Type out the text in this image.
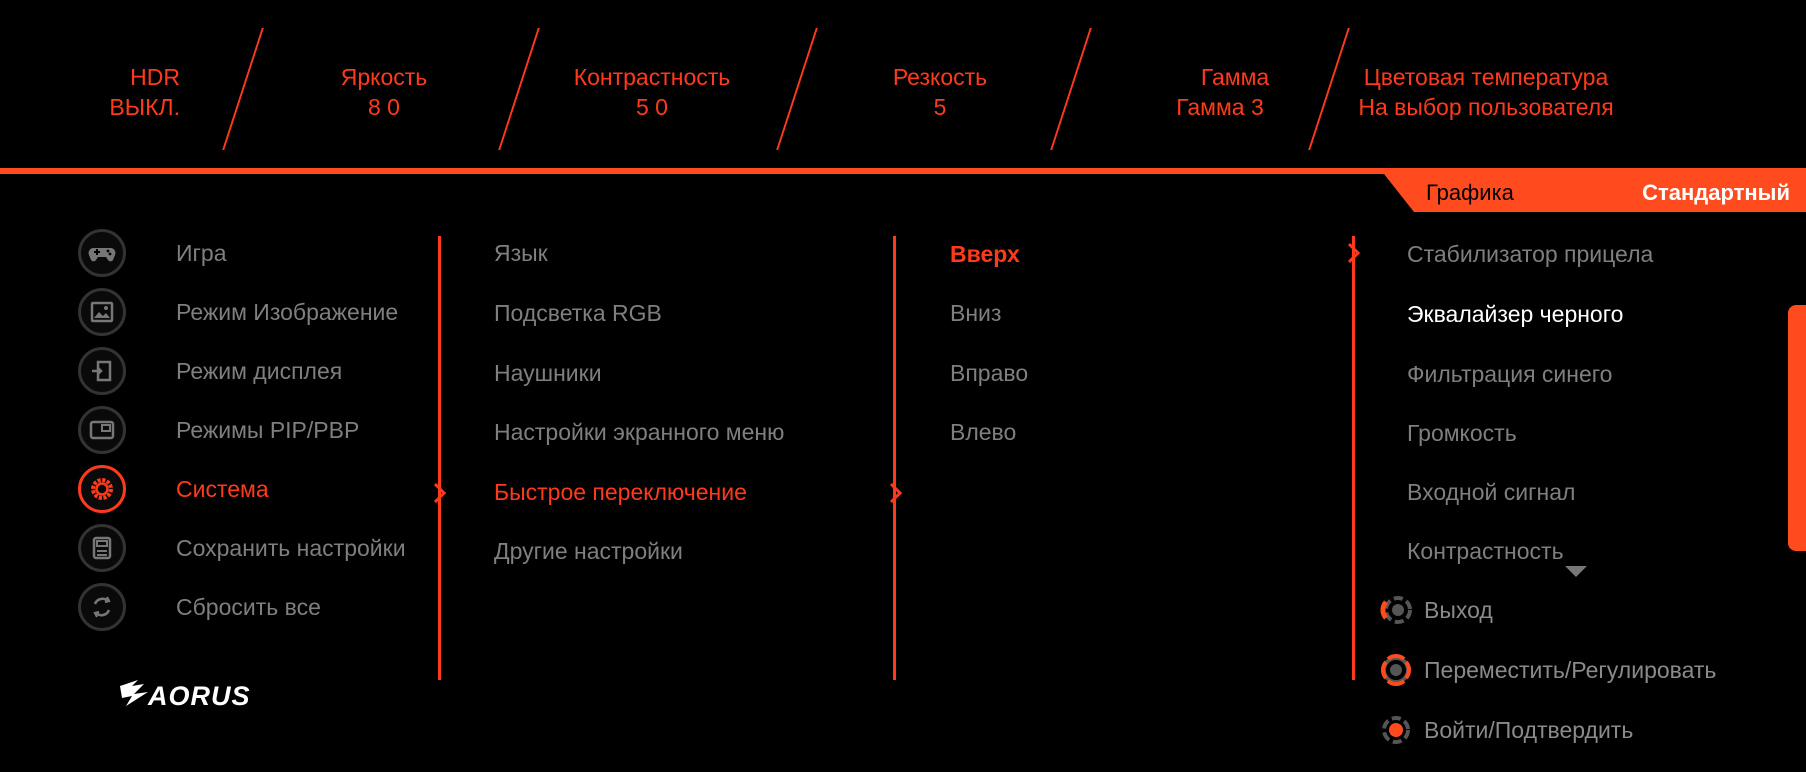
HDR
ВЫКЛ.
Яркость
8 0
Контрастность
5 0
Резкость
5
Гамма
Гамма 3
Цветовая температура
На выбор пользователя
Графика	Стандартный
Игра
Режим Изображение
Режим дисплея
Режимы PIP/PBP
Система
Сохранить настройки
Сбросить все
AORUS
Язык
Подсветка RGB
Наушники
Настройки экранного меню
Быстрое переключение
Другие настройки
Вверх
Вниз
Вправо
Влево
Стабилизатор прицела
Эквалайзер черного
Фильтрация синего
Громкость
Входной сигнал
Контрастность
Выход
Переместить/Регулировать
Войти/Подтвердить
